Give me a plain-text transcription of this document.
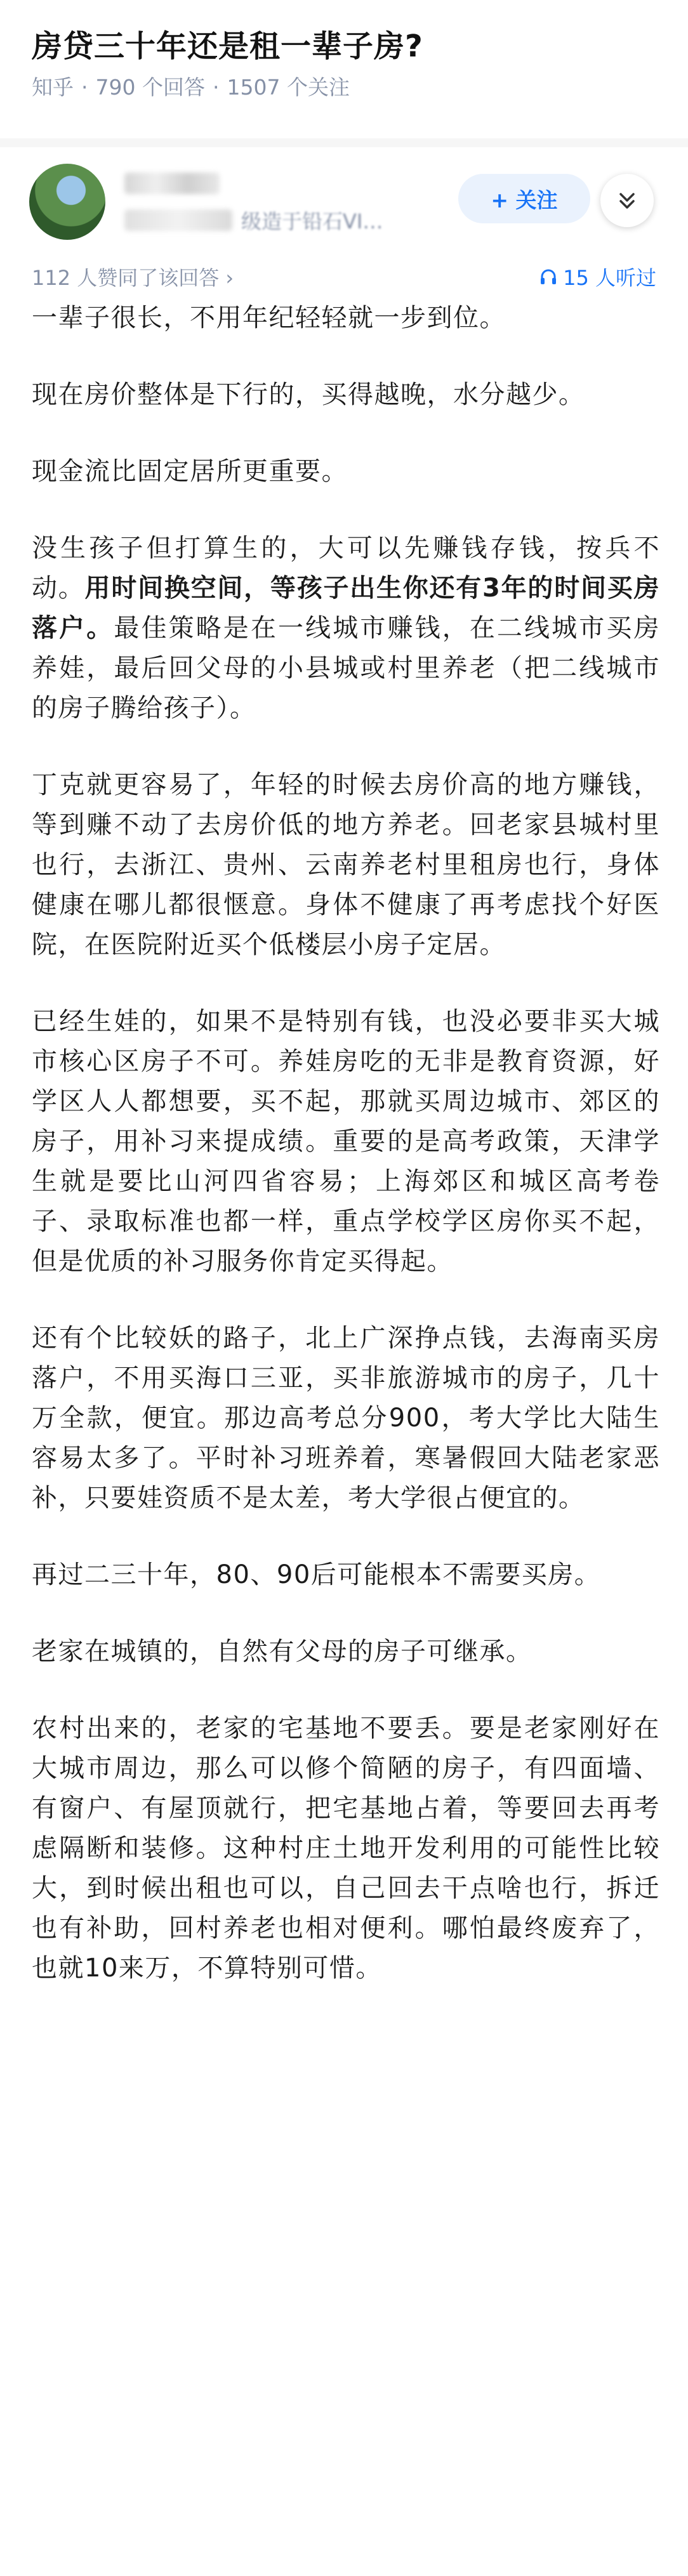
房贷三十年还是租一辈子房?
知乎 · 790 个回答 · 1507 个关注
级造于铅石VI…
+ 关注
112 人赞同了该回答 ›	15 人听过

一辈子很长，不用年纪轻轻就一步到位。

现在房价整体是下行的，买得越晚，水分越少。

现金流比固定居所更重要。

没生孩子但打算生的，大可以先赚钱存钱，按兵不动。用时间换空间，等孩子出生你还有3年的时间买房落户。最佳策略是在一线城市赚钱，在二线城市买房养娃，最后回父母的小县城或村里养老（把二线城市的房子腾给孩子）。

丁克就更容易了，年轻的时候去房价高的地方赚钱，等到赚不动了去房价低的地方养老。回老家县城村里也行，去浙江、贵州、云南养老村里租房也行，身体健康在哪儿都很惬意。身体不健康了再考虑找个好医院，在医院附近买个低楼层小房子定居。

已经生娃的，如果不是特别有钱，也没必要非买大城市核心区房子不可。养娃房吃的无非是教育资源，好学区人人都想要，买不起，那就买周边城市、郊区的房子，用补习来提成绩。重要的是高考政策，天津学生就是要比山河四省容易；上海郊区和城区高考卷子、录取标准也都一样，重点学校学区房你买不起，但是优质的补习服务你肯定买得起。

还有个比较妖的路子，北上广深挣点钱，去海南买房落户，不用买海口三亚，买非旅游城市的房子，几十万全款，便宜。那边高考总分900，考大学比大陆生容易太多了。平时补习班养着，寒暑假回大陆老家恶补，只要娃资质不是太差，考大学很占便宜的。

再过二三十年，80、90后可能根本不需要买房。

老家在城镇的，自然有父母的房子可继承。

农村出来的，老家的宅基地不要丢。要是老家刚好在大城市周边，那么可以修个简陋的房子，有四面墙、有窗户、有屋顶就行，把宅基地占着，等要回去再考虑隔断和装修。这种村庄土地开发利用的可能性比较大，到时候出租也可以，自己回去干点啥也行，拆迁也有补助，回村养老也相对便利。哪怕最终废弃了，也就10来万，不算特别可惜。
